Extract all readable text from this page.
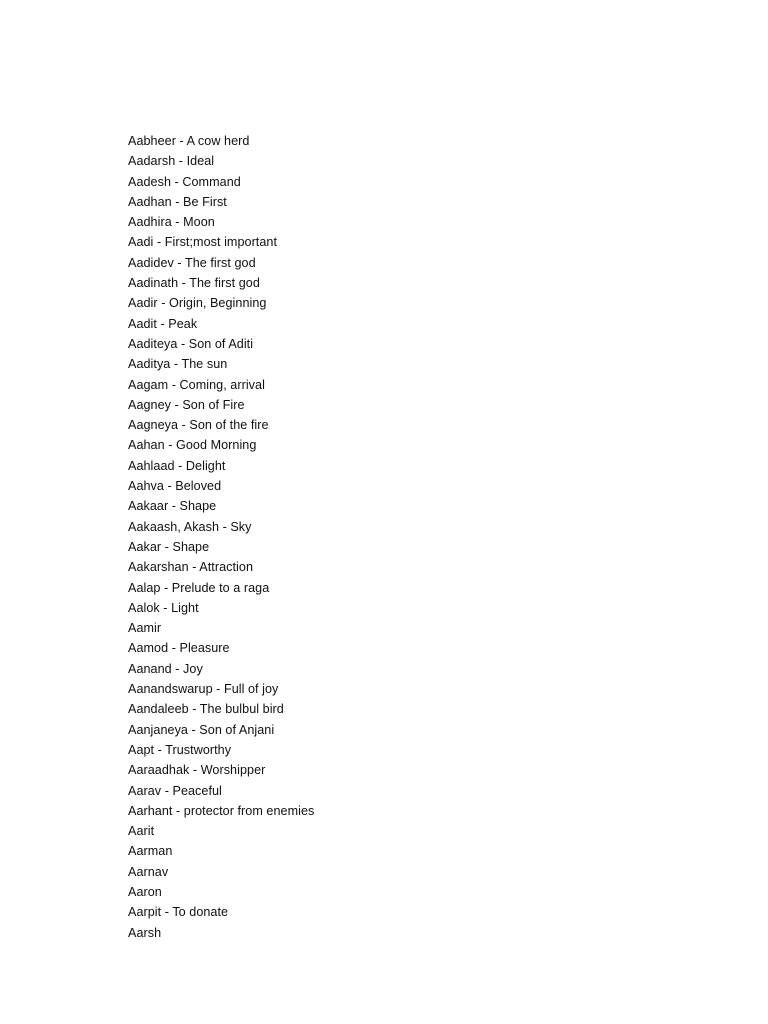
Aabheer - A cow herd
Aadarsh - Ideal
Aadesh - Command
Aadhan - Be First
Aadhira - Moon
Aadi - First;most important
Aadidev - The first god
Aadinath - The first god
Aadir - Origin, Beginning
Aadit - Peak
Aaditeya - Son of Aditi
Aaditya - The sun
Aagam - Coming, arrival
Aagney - Son of Fire
Aagneya - Son of the fire
Aahan - Good Morning
Aahlaad - Delight
Aahva - Beloved
Aakaar - Shape
Aakaash, Akash - Sky
Aakar - Shape
Aakarshan - Attraction
Aalap - Prelude to a raga
Aalok - Light
Aamir
Aamod - Pleasure
Aanand - Joy
Aanandswarup - Full of joy
Aandaleeb - The bulbul bird
Aanjaneya - Son of Anjani
Aapt - Trustworthy
Aaraadhak - Worshipper
Aarav - Peaceful
Aarhant - protector from enemies
Aarit
Aarman
Aarnav
Aaron
Aarpit - To donate
Aarsh
